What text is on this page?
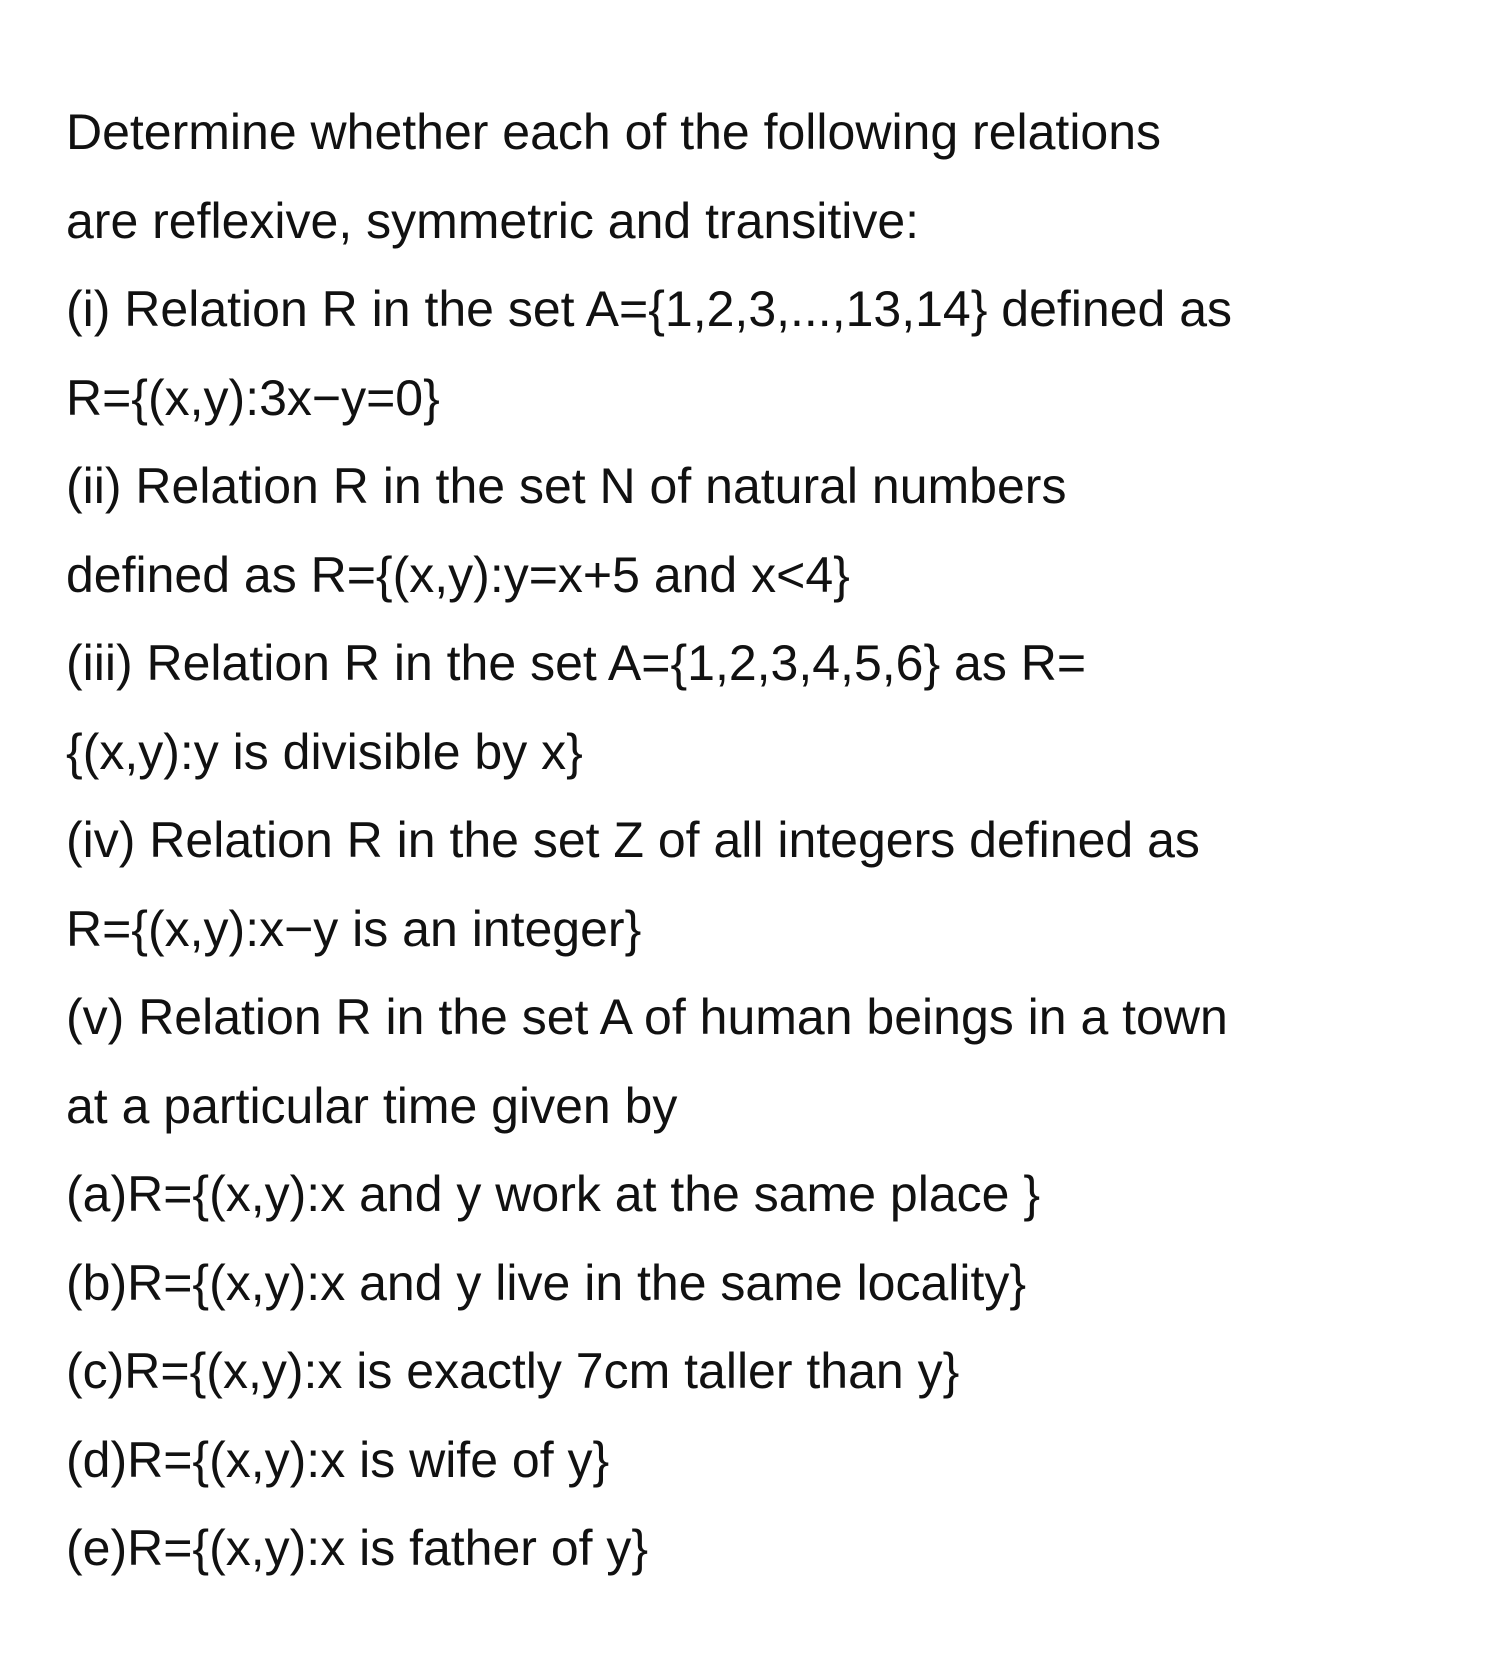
Determine whether each of the following relations

are reflexive, symmetric and transitive:

(i) Relation R in the set A={1,2,3,...,13,14} defined as

R={(x,y):3x−y=0}

(ii) Relation R in the set N of natural numbers

defined as R={(x,y):y=x+5 and x<4}

(iii) Relation R in the set A={1,2,3,4,5,6} as R=

{(x,y):y is divisible by x}

(iv) Relation R in the set Z of all integers defined as

R={(x,y):x−y is an integer}

(v) Relation R in the set A of human beings in a town

at a particular time given by

(a)R={(x,y):x and y work at the same place }

(b)R={(x,y):x and y live in the same locality}

(c)R={(x,y):x is exactly 7cm taller than y}

(d)R={(x,y):x is wife of y}

(e)R={(x,y):x is father of y}
